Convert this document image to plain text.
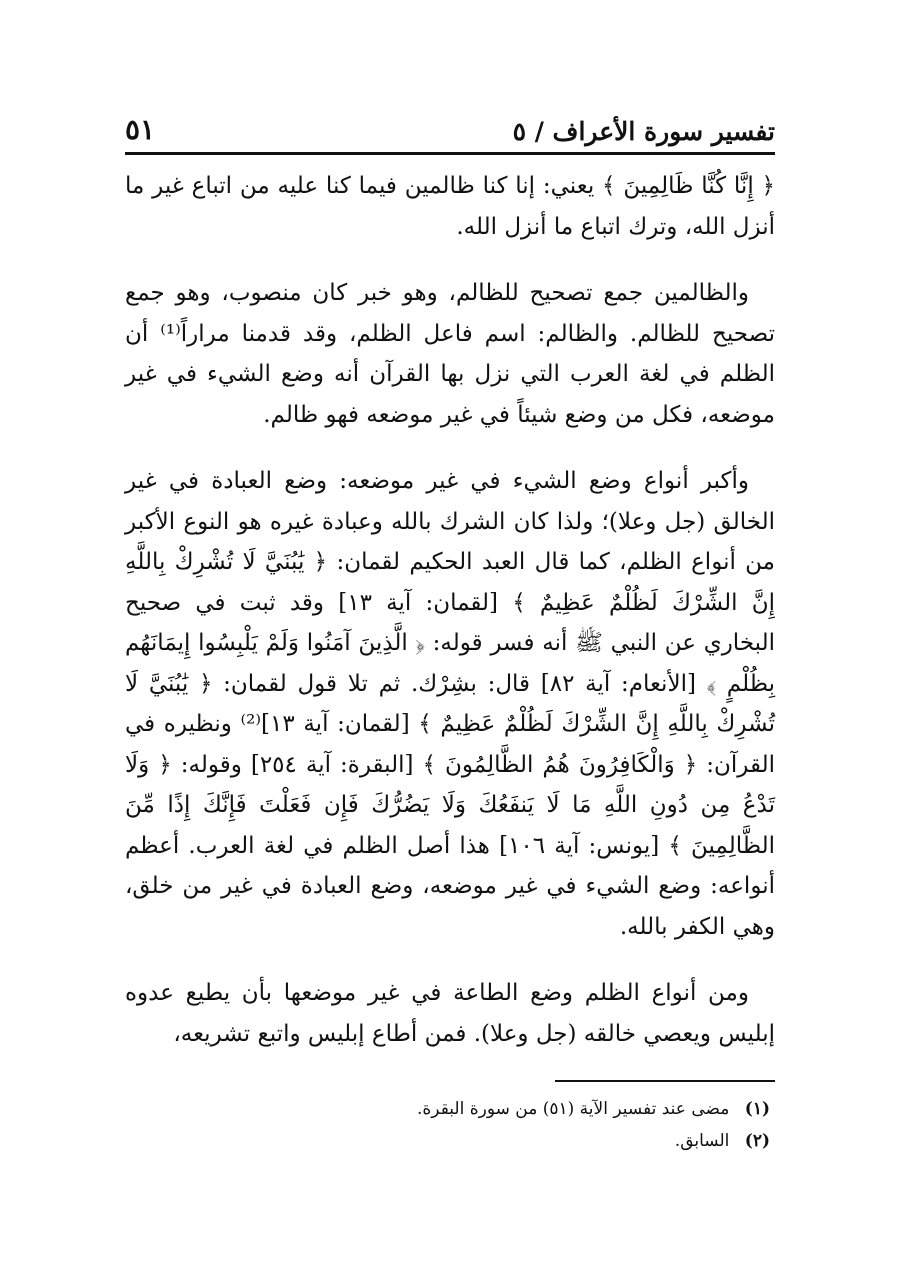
٥١	تفسير سورة الأعراف / ٥

﴿ إِنَّا كُنَّا ظَالِمِينَ ﴾ يعني: إنا كنا ظالمين فيما كنا عليه من اتباع غير ما أنزل الله، وترك اتباع ما أنزل الله.

والظالمين جمع تصحيح للظالم، وهو خبر كان منصوب، وهو جمع تصحيح للظالم. والظالم: اسم فاعل الظلم، وقد قدمنا مراراً⁽¹⁾ أن الظلم في لغة العرب التي نزل بها القرآن أنه وضع الشيء في غير موضعه، فكل من وضع شيئاً في غير موضعه فهو ظالم.

وأكبر أنواع وضع الشيء في غير موضعه: وضع العبادة في غير الخالق (جل وعلا)؛ ولذا كان الشرك بالله وعبادة غيره هو النوع الأكبر من أنواع الظلم، كما قال العبد الحكيم لقمان: ﴿ يَٰبُنَيَّ لَا تُشْرِكْ بِاللَّهِ إِنَّ الشِّرْكَ لَظُلْمٌ عَظِيمٌ ﴾ [لقمان: آية ١٣] وقد ثبت في صحيح البخاري عن النبي ﷺ أنه فسر قوله: ﴿ الَّذِينَ آمَنُوا وَلَمْ يَلْبِسُوا إِيمَانَهُم بِظُلْمٍ ﴾ [الأنعام: آية ٨٢] قال: بشِرْك. ثم تلا قول لقمان: ﴿ يَٰبُنَيَّ لَا تُشْرِكْ بِاللَّهِ إِنَّ الشِّرْكَ لَظُلْمٌ عَظِيمٌ ﴾ [لقمان: آية ١٣]⁽²⁾ ونظيره في القرآن: ﴿ وَالْكَافِرُونَ هُمُ الظَّالِمُونَ ﴾ [البقرة: آية ٢٥٤] وقوله: ﴿ وَلَا تَدْعُ مِن دُونِ اللَّهِ مَا لَا يَنفَعُكَ وَلَا يَضُرُّكَ فَإِن فَعَلْتَ فَإِنَّكَ إِذًا مِّنَ الظَّالِمِينَ ﴾ [يونس: آية ١٠٦] هذا أصل الظلم في لغة العرب. أعظم أنواعه: وضع الشيء في غير موضعه، وضع العبادة في غير من خلق، وهي الكفر بالله.

ومن أنواع الظلم وضع الطاعة في غير موضعها بأن يطيع عدوه إبليس ويعصي خالقه (جل وعلا). فمن أطاع إبليس واتبع تشريعه،

(١) مضى عند تفسير الآية (٥١) من سورة البقرة.
(٢) السابق.
